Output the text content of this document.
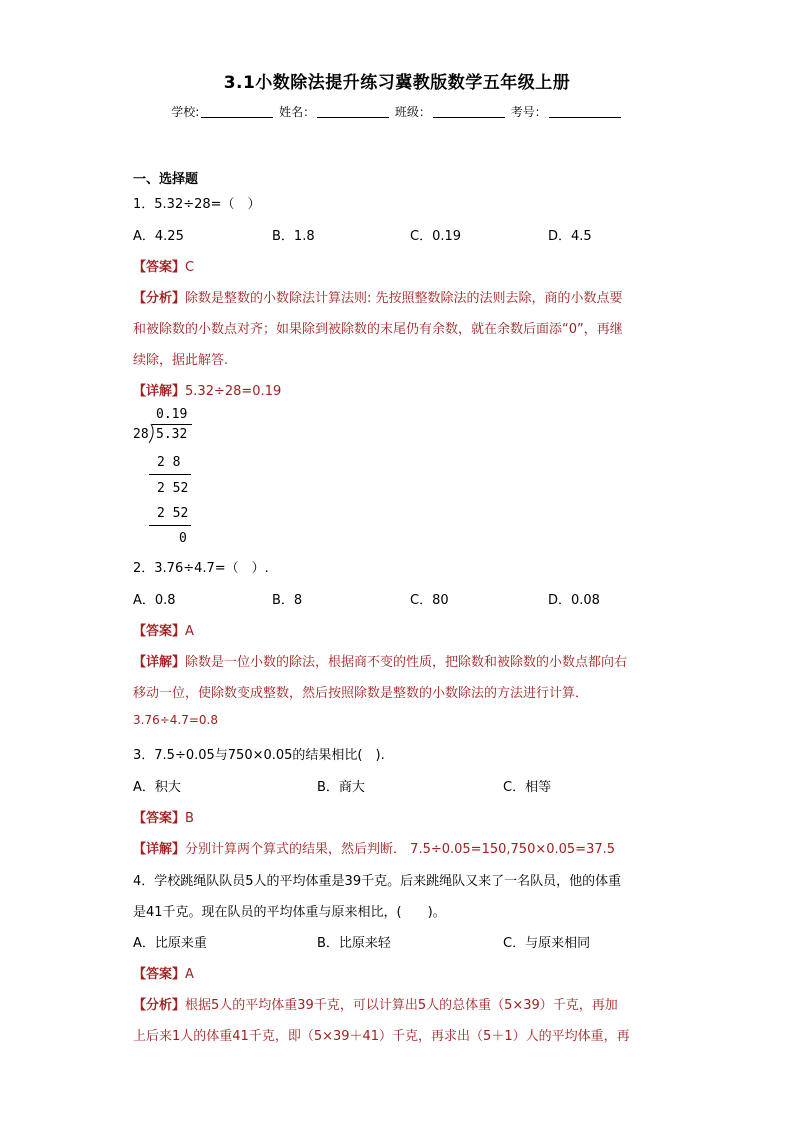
3.1小数除法提升练习冀教版数学五年级上册
学校:	姓名：	班级：	考号：
一、选择题
1．5.32÷28=（　）
A．4.25	B．1.8	C．0.19	D．4.5
【答案】C
【分析】除数是整数的小数除法计算法则: 先按照整数除法的法则去除，商的小数点要
和被除数的小数点对齐；如果除到被除数的末尾仍有余数，就在余数后面添“0”，再继
续除，据此解答.
【详解】5.32÷28=0.19
0.19
28 5.32
2 8
2 52
2 52
0
2．3.76÷4.7=（　）.
A．0.8	B．8	C．80	D．0.08
【答案】A
【详解】除数是一位小数的除法，根据商不变的性质，把除数和被除数的小数点都向右
移动一位，使除数变成整数，然后按照除数是整数的小数除法的方法进行计算．
3.76÷4.7=0.8
3．7.5÷0.05与750×0.05的结果相比(　).
A．积大	B．商大	C．相等
【答案】B
【详解】分别计算两个算式的结果，然后判断． 7.5÷0.05=150,750×0.05=37.5
4．学校跳绳队队员5人的平均体重是39千克。后来跳绳队又来了一名队员，他的体重
是41千克。现在队员的平均体重与原来相比，(　　)。
A．比原来重	B．比原来轻	C．与原来相同
【答案】A
【分析】根据5人的平均体重39千克，可以计算出5人的总体重（5×39）千克，再加
上后来1人的体重41千克，即（5×39＋41）千克，再求出（5＋1）人的平均体重，再
